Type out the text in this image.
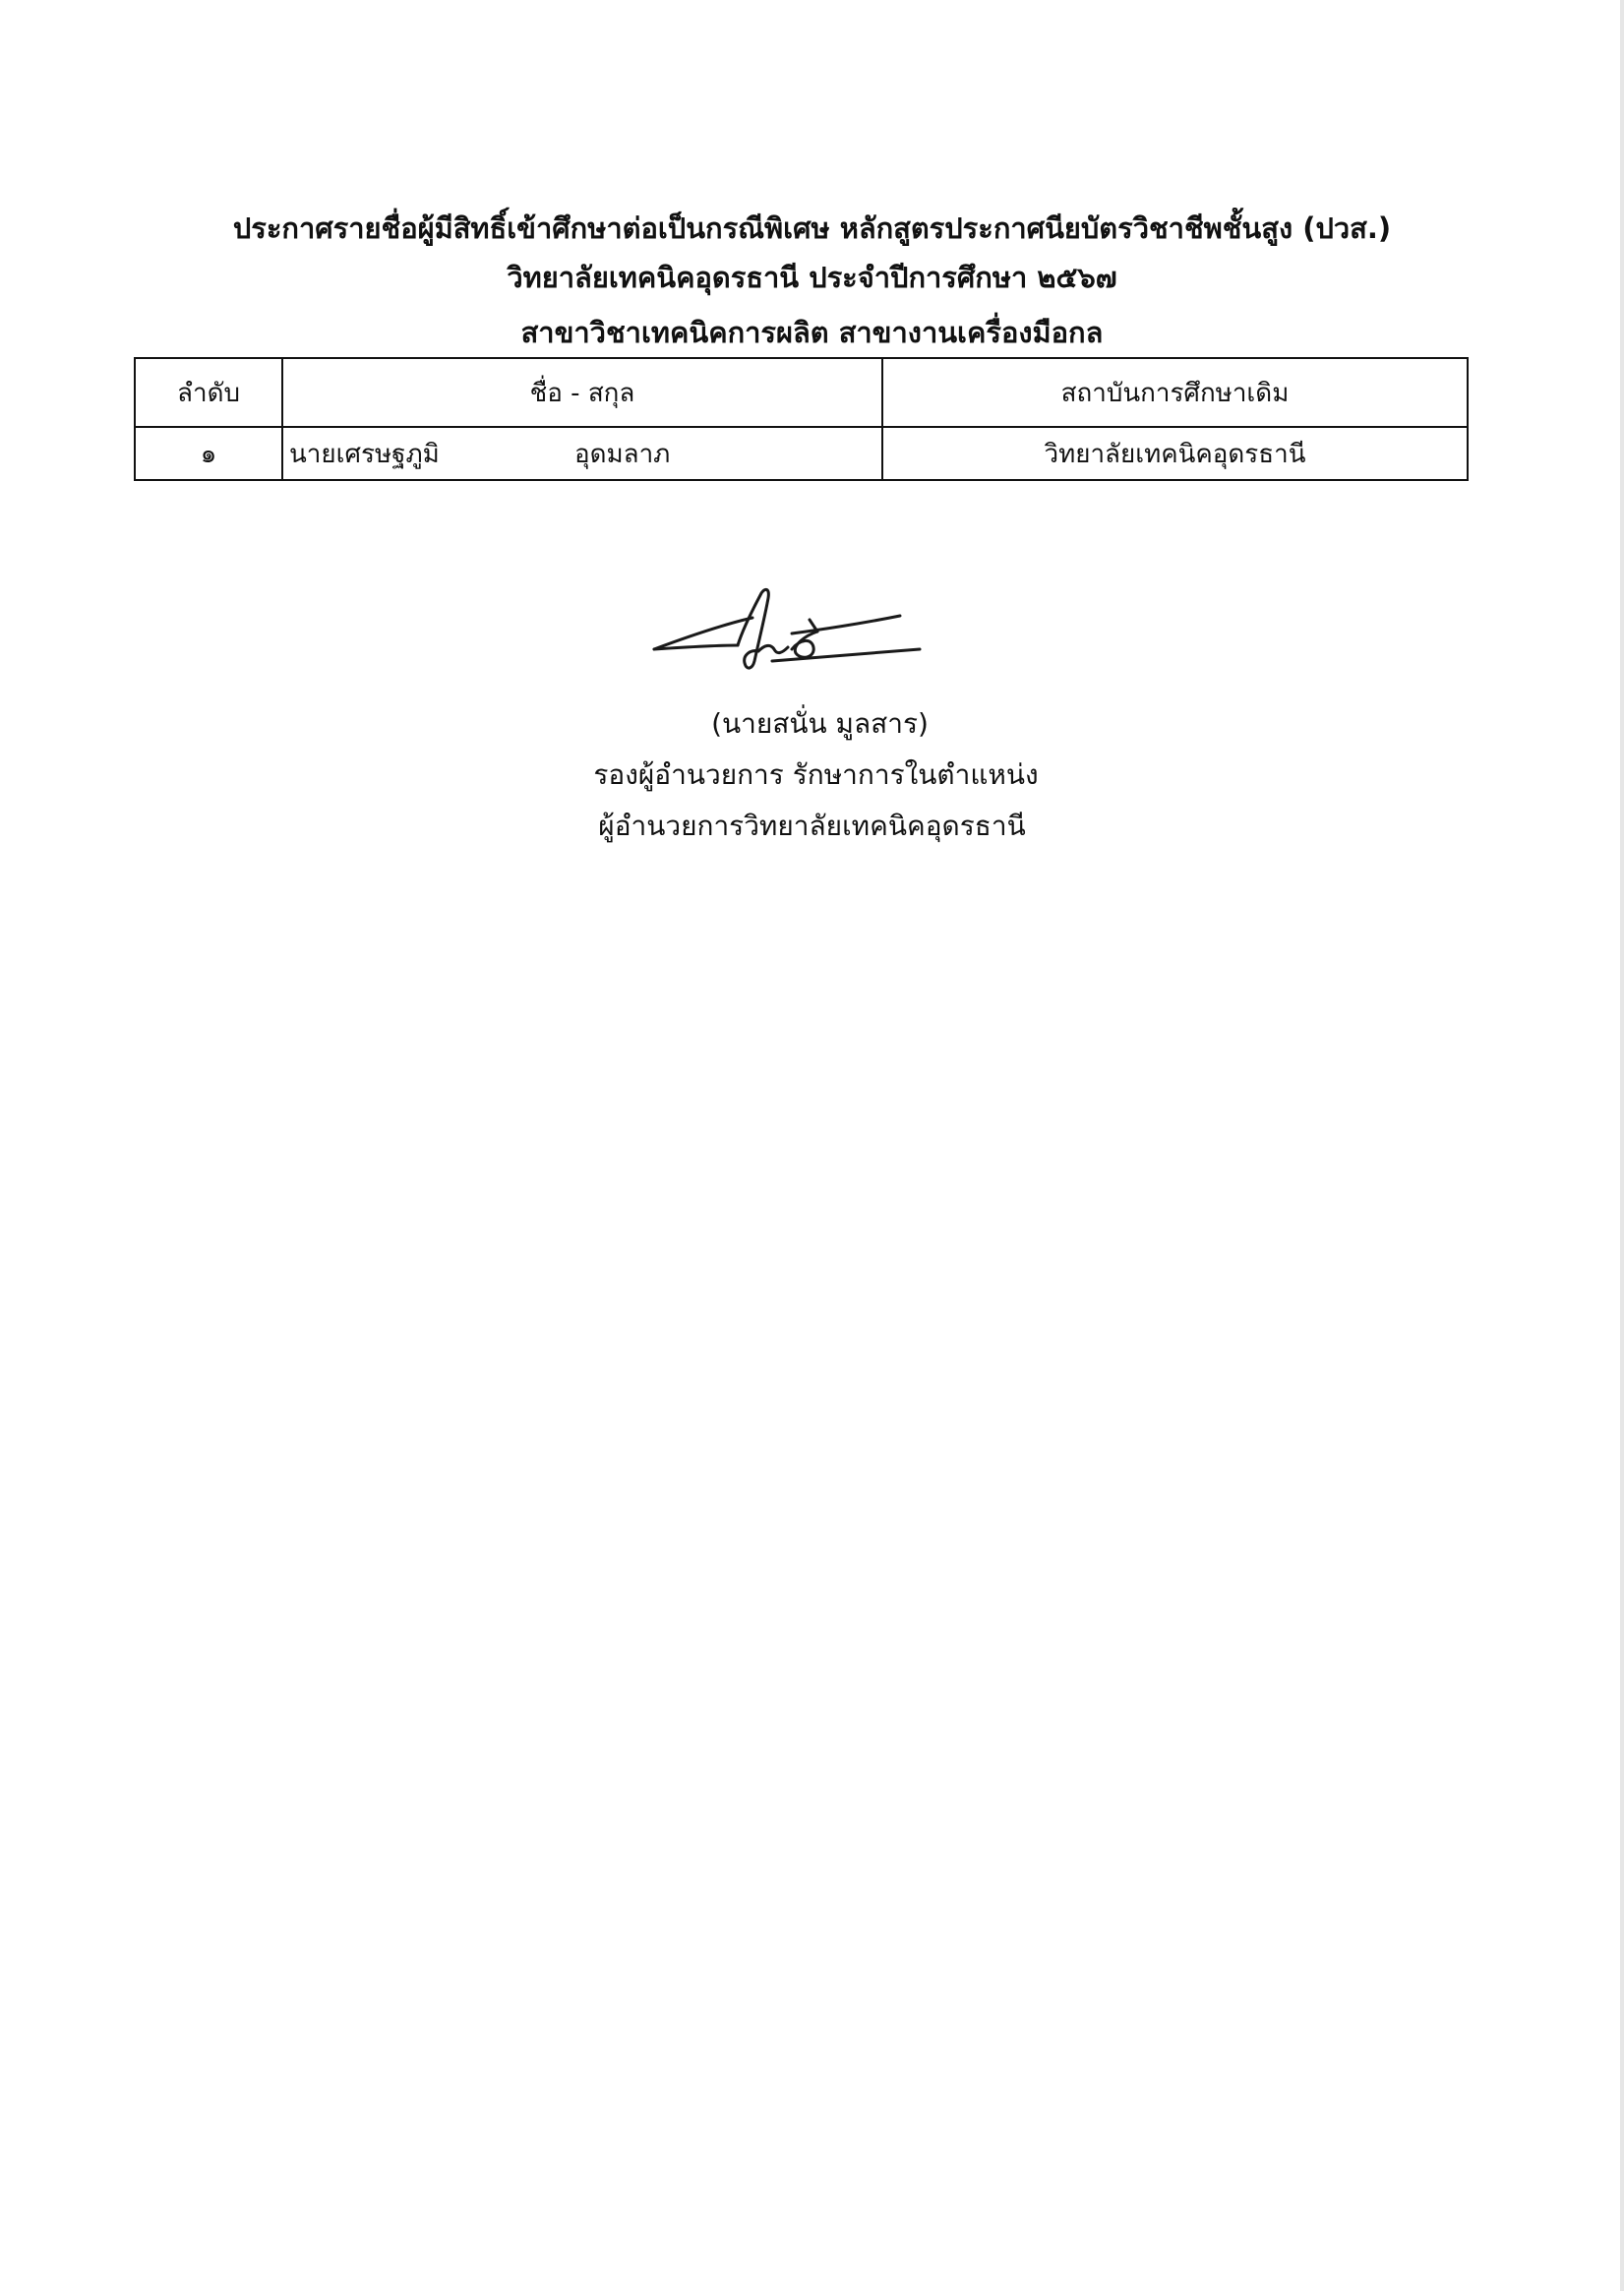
ประกาศรายชื่อผู้มีสิทธิ์เข้าศึกษาต่อเป็นกรณีพิเศษ หลักสูตรประกาศนียบัตรวิชาชีพชั้นสูง (ปวส.)
วิทยาลัยเทคนิคอุดรธานี ประจำปีการศึกษา ๒๕๖๗
สาขาวิชาเทคนิคการผลิต สาขางานเครื่องมือกล
ลำดับ	ชื่อ - สกุล	สถาบันการศึกษาเดิม
๑	นายเศรษฐภูมิ อุดมลาภ	วิทยาลัยเทคนิคอุดรธานี
(นายสนั่น มูลสาร)
รองผู้อำนวยการ รักษาการในตำแหน่ง
ผู้อำนวยการวิทยาลัยเทคนิคอุดรธานี
